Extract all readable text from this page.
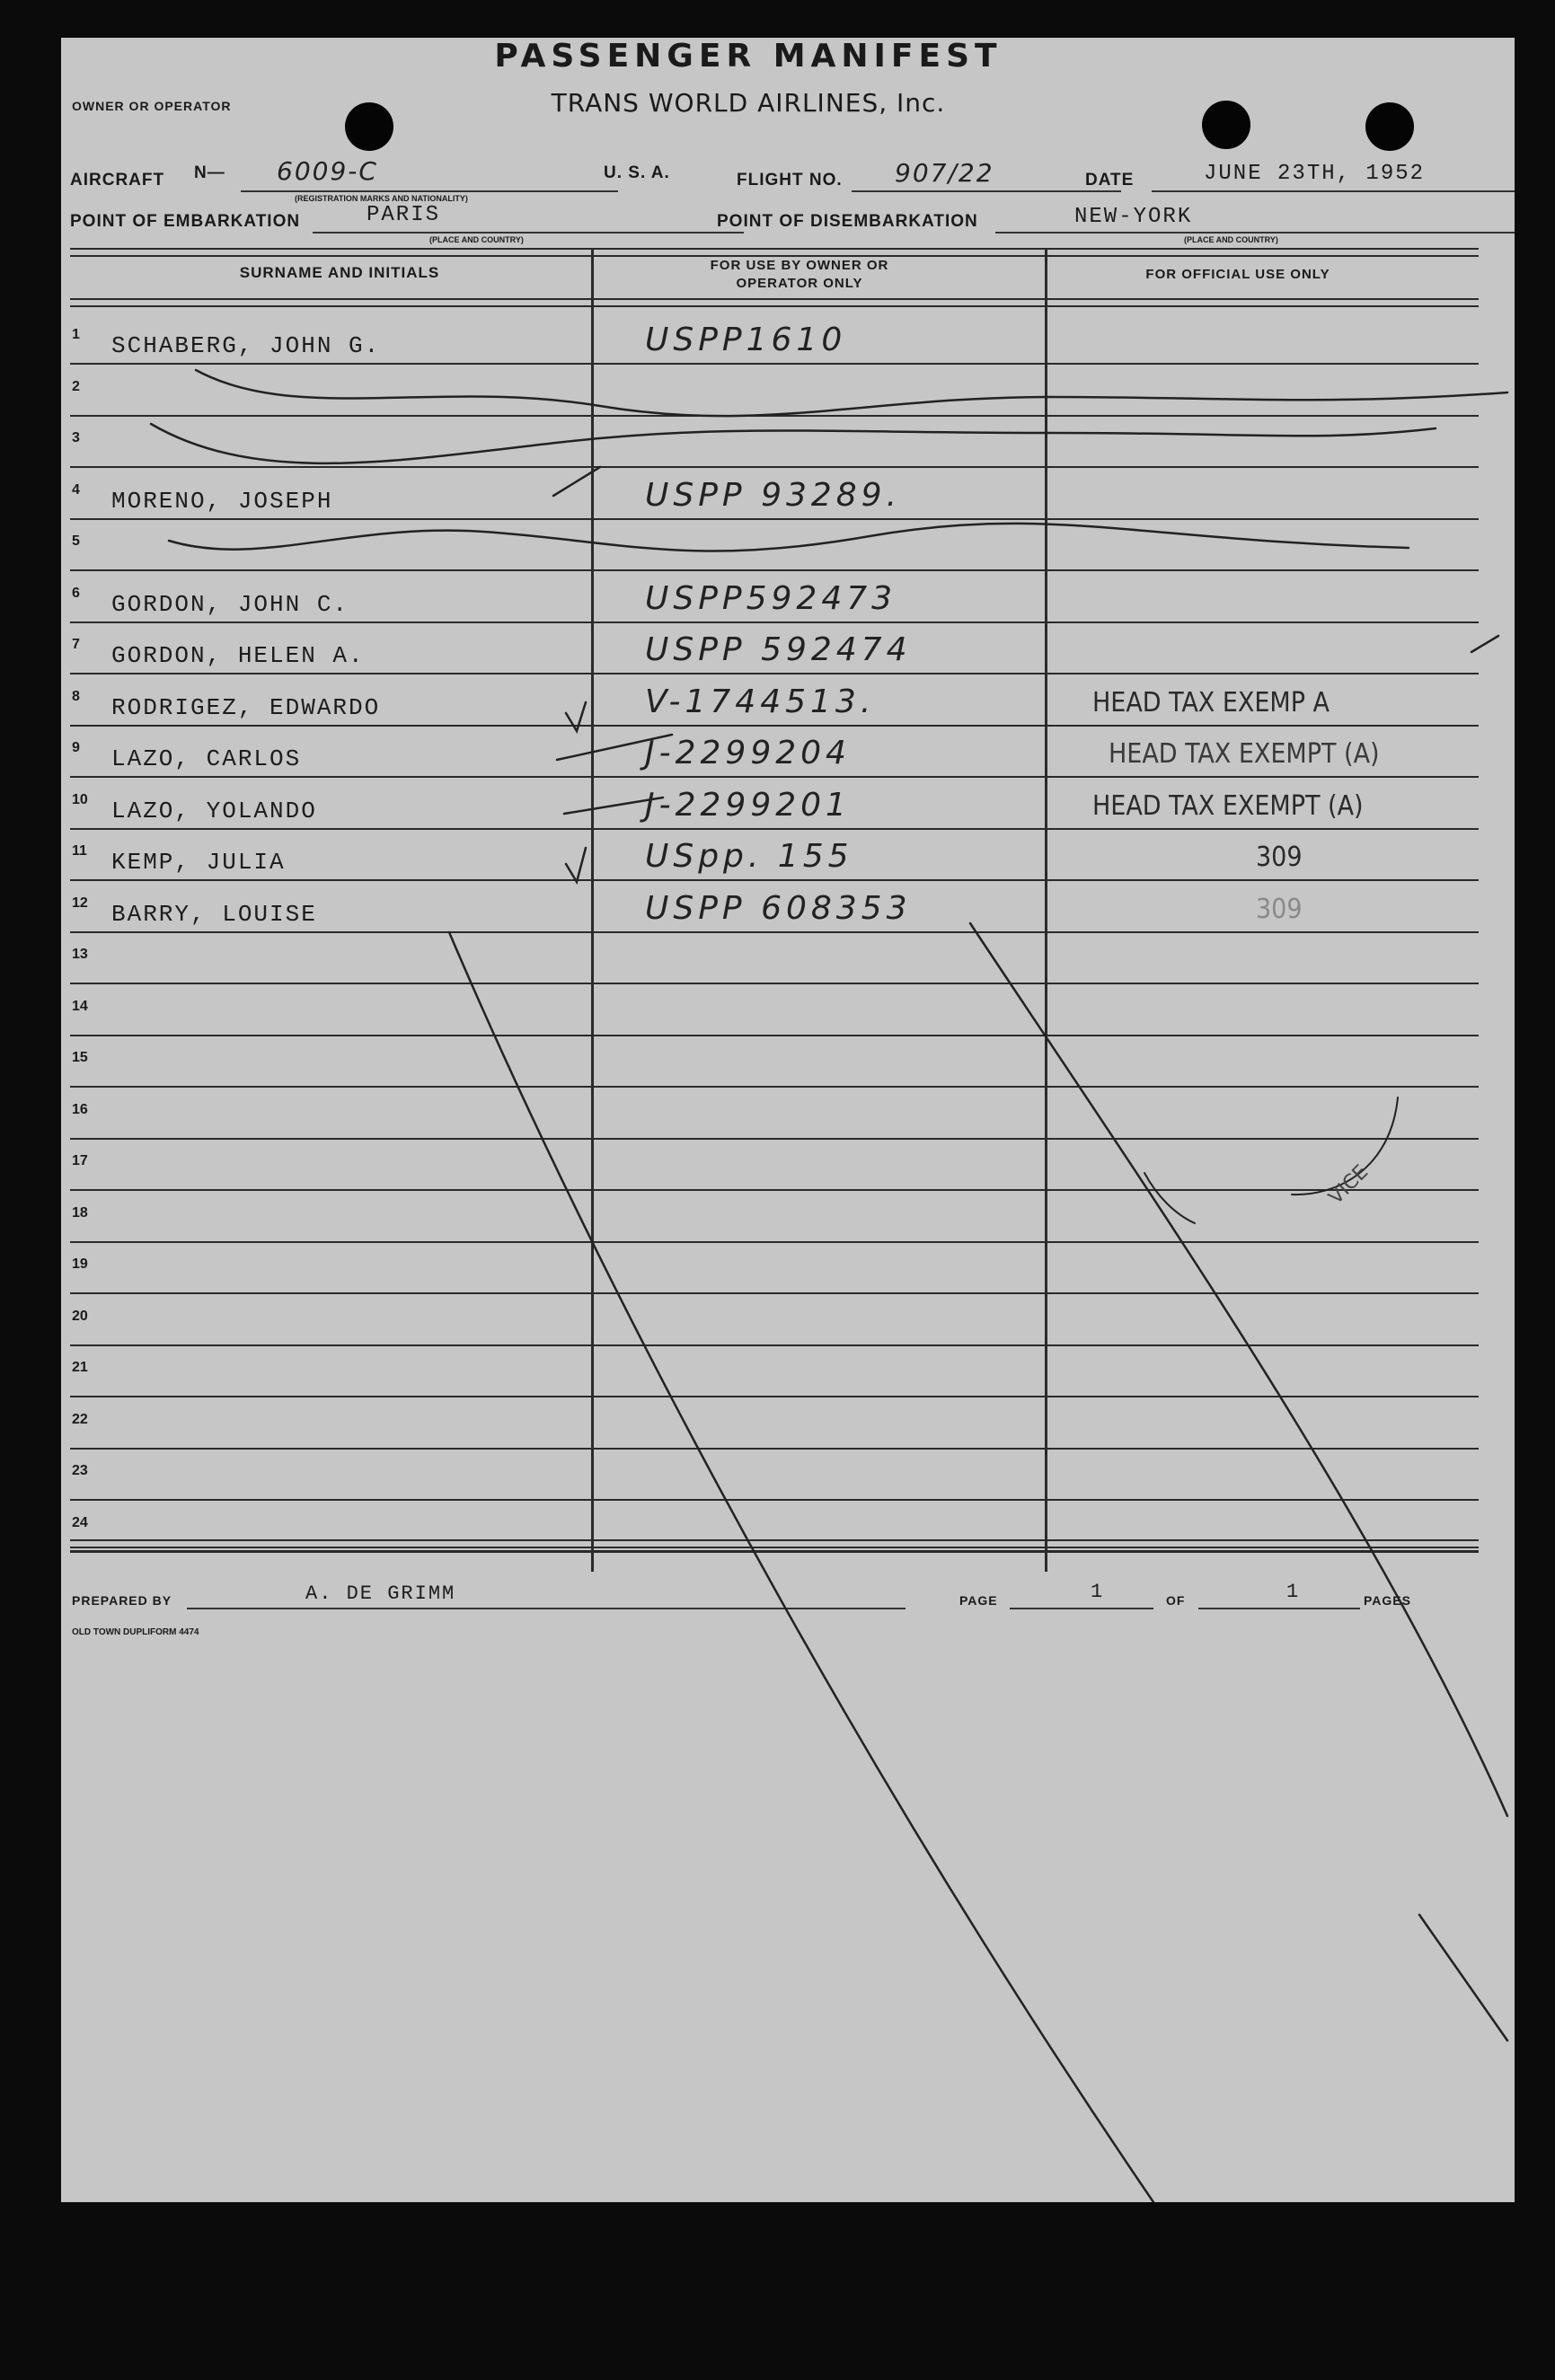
PASSENGER MANIFEST
TRANS WORLD AIRLINES, Inc.
OWNER OR OPERATOR
AIRCRAFT N— 6009-C
(REGISTRATION MARKS AND NATIONALITY)
U. S. A.	FLIGHT NO. 907/22	DATE	JUNE 23TH, 1952
POINT OF EMBARKATION	PARIS
(PLACE AND COUNTRY)
POINT OF DISEMBARKATION	NEW-YORK
(PLACE AND COUNTRY)
SURNAME AND INITIALS	FOR USE BY OWNER OR OPERATOR ONLY
FOR OFFICIAL USE ONLY
1 SCHABERG, JOHN G.	USPP1610
2
3
4 MORENO, JOSEPH	USPP 93289.
5
6 GORDON, JOHN C.	USPP592473
7 GORDON, HELEN A.	USPP 592474
8 RODRIGEZ, EDWARDO	V-1744513.	HEAD TAX EXEMP A
9 LAZO, CARLOS	J-2299204	HEAD TAX EXEMPT (A)
10 LAZO, YOLANDO	J-2299201	HEAD TAX EXEMPT (A)
11 KEMP, JULIA	USpp. 155	309
12 BARRY, LOUISE	USPP 608353	309
13
14
15
16
17
18
19
20
21
22
23
24
PREPARED BY	A. DE GRIMM	PAGE	1	OF	1	PAGES
OLD TOWN DUPLIFORM 4474
VICE
